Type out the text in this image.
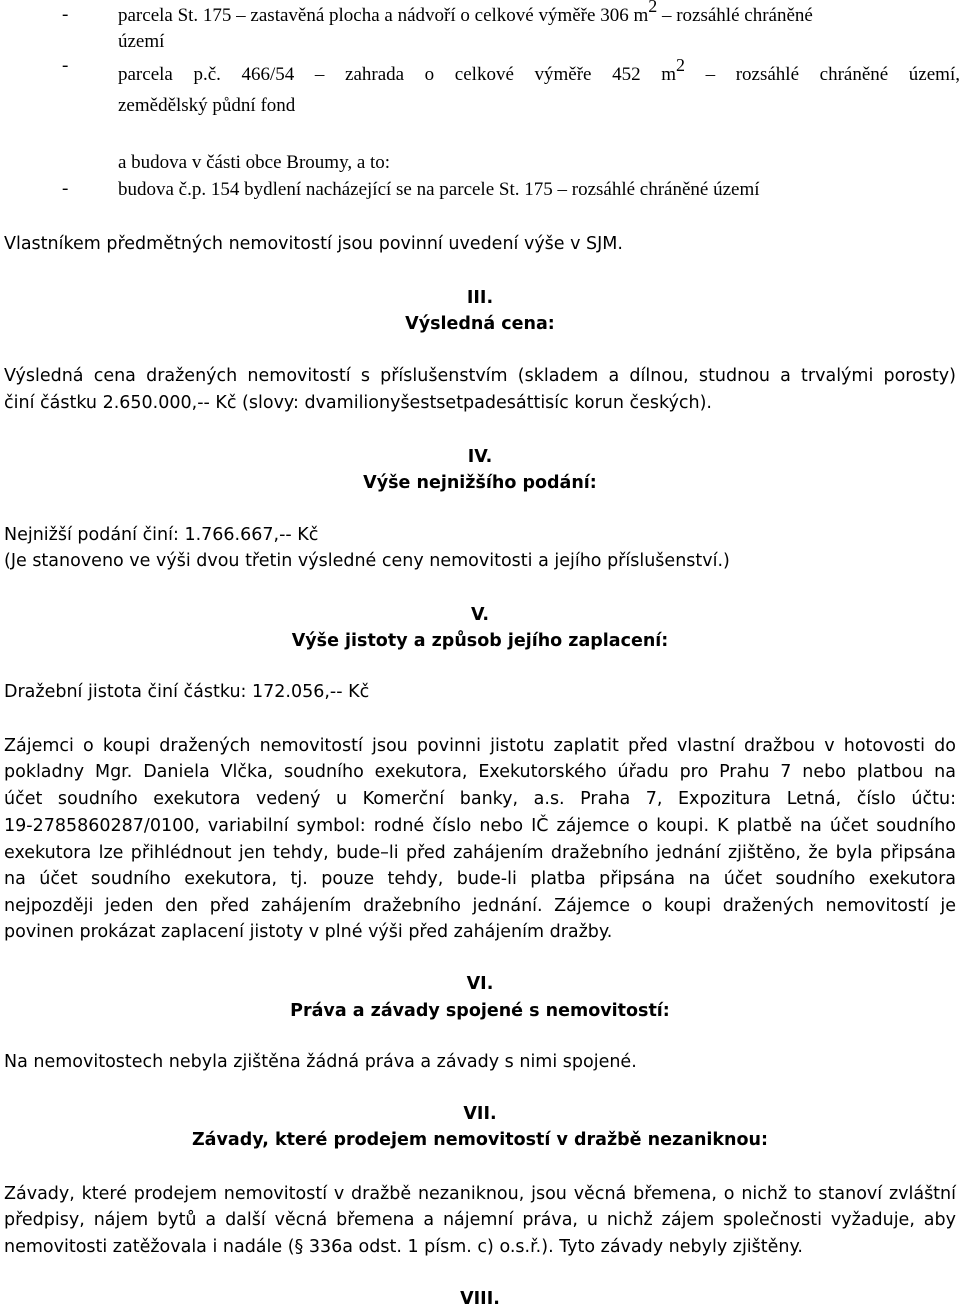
-	parcela St. 175 – zastavěná plocha a nádvoří o celkové výměře 306 $m^2$ – rozsáhlé chráněné
území
-	parcela p.č. 466/54 – zahrada o celkové výměře 452 $m^2$ – rozsáhlé chráněné území,
zemědělský půdní fond
a budova v části obce Broumy, a to:
-	budova č.p. 154 bydlení nacházející se na parcele St. 175 – rozsáhlé chráněné území
Vlastníkem předmětných nemovitostí jsou povinní uvedení výše v SJM.
III.
Výsledná cena:
Výsledná cena dražených nemovitostí s příslušenstvím (skladem a dílnou, studnou a trvalými porosty)
činí částku 2.650.000,-- Kč (slovy: dvamilionyšestsetpadesáttisíc korun českých).
IV.
Výše nejnižšího podání:
Nejnižší podání činí: 1.766.667,-- Kč
(Je stanoveno ve výši dvou třetin výsledné ceny nemovitosti a jejího příslušenství.)
V.
Výše jistoty a způsob jejího zaplacení:
Dražební jistota činí částku: 172.056,-- Kč
Zájemci o koupi dražených nemovitostí jsou povinni jistotu zaplatit před vlastní dražbou v hotovosti do
pokladny Mgr. Daniela Vlčka, soudního exekutora, Exekutorského úřadu pro Prahu 7 nebo platbou na
účet soudního exekutora vedený u Komerční banky, a.s. Praha 7, Expozitura Letná, číslo účtu:
19-2785860287/0100, variabilní symbol: rodné číslo nebo IČ zájemce o koupi. K platbě na účet soudního
exekutora lze přihlédnout jen tehdy, bude–li před zahájením dražebního jednání zjištěno, že byla připsána
na účet soudního exekutora, tj. pouze tehdy, bude-li platba připsána na účet soudního exekutora
nejpozději jeden den před zahájením dražebního jednání. Zájemce o koupi dražených nemovitostí je
povinen prokázat zaplacení jistoty v plné výši před zahájením dražby.
VI.
Práva a závady spojené s nemovitostí:
Na nemovitostech nebyla zjištěna žádná práva a závady s nimi spojené.
VII.
Závady, které prodejem nemovitostí v dražbě nezaniknou:
Závady, které prodejem nemovitostí v dražbě nezaniknou, jsou věcná břemena, o nichž to stanoví zvláštní
předpisy, nájem bytů a další věcná břemena a nájemní práva, u nichž zájem společnosti vyžaduje, aby
nemovitosti zatěžovala i nadále (§ 336a odst. 1 písm. c) o.s.ř.). Tyto závady nebyly zjištěny.
VIII.
